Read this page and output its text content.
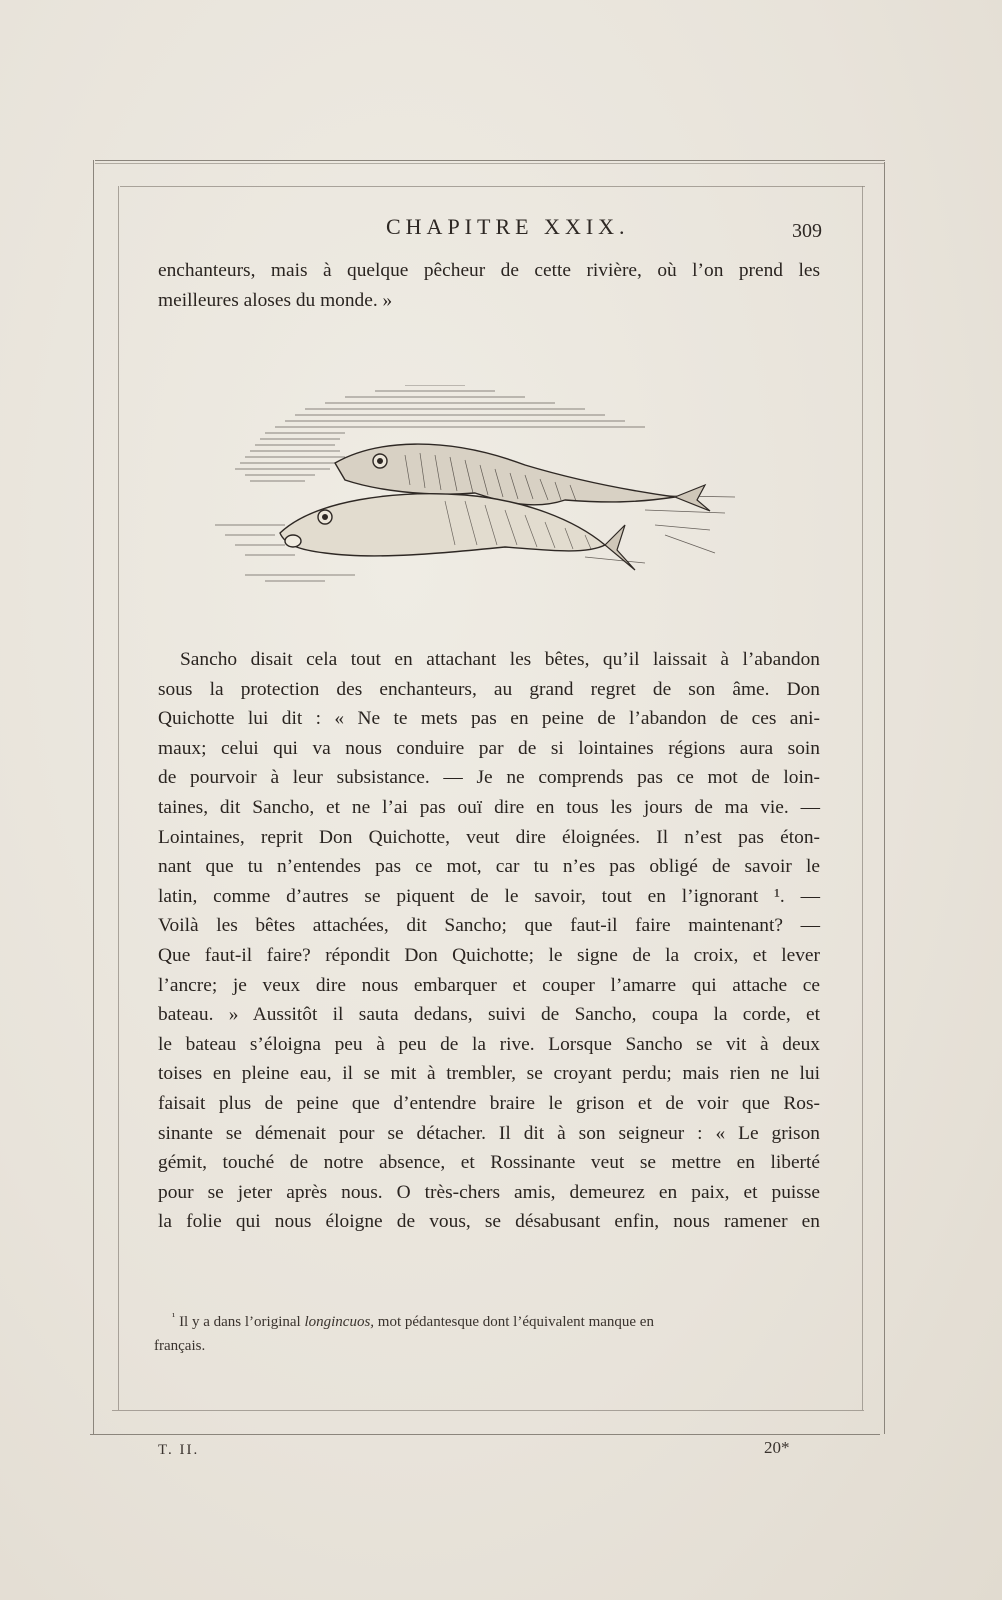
CHAPITRE XXIX.	309
enchanteurs, mais à quelque pêcheur de cette rivière, où l’on prend les
meilleures aloses du monde. »
Sancho disait cela tout en attachant les bêtes, qu’il laissait à l’abandon
sous la protection des enchanteurs, au grand regret de son âme. Don
Quichotte lui dit : « Ne te mets pas en peine de l’abandon de ces ani-
maux; celui qui va nous conduire par de si lointaines régions aura soin
de pourvoir à leur subsistance. — Je ne comprends pas ce mot de loin-
taines, dit Sancho, et ne l’ai pas ouï dire en tous les jours de ma vie. —
Lointaines, reprit Don Quichotte, veut dire éloignées. Il n’est pas éton-
nant que tu n’entendes pas ce mot, car tu n’es pas obligé de savoir le
latin, comme d’autres se piquent de le savoir, tout en l’ignorant ¹. —
Voilà les bêtes attachées, dit Sancho; que faut-il faire maintenant? —
Que faut-il faire? répondit Don Quichotte; le signe de la croix, et lever
l’ancre; je veux dire nous embarquer et couper l’amarre qui attache ce
bateau. » Aussitôt il sauta dedans, suivi de Sancho, coupa la corde, et
le bateau s’éloigna peu à peu de la rive. Lorsque Sancho se vit à deux
toises en pleine eau, il se mit à trembler, se croyant perdu; mais rien ne lui
faisait plus de peine que d’entendre braire le grison et de voir que Ros-
sinante se démenait pour se détacher. Il dit à son seigneur : « Le grison
gémit, touché de notre absence, et Rossinante veut se mettre en liberté
pour se jeter après nous. O très-chers amis, demeurez en paix, et puisse
la folie qui nous éloigne de vous, se désabusant enfin, nous ramener en
$^{^1}$ Il y a dans l’original longincuos, mot pédantesque dont l’équivalent manque en
français.
T. II.	20*
